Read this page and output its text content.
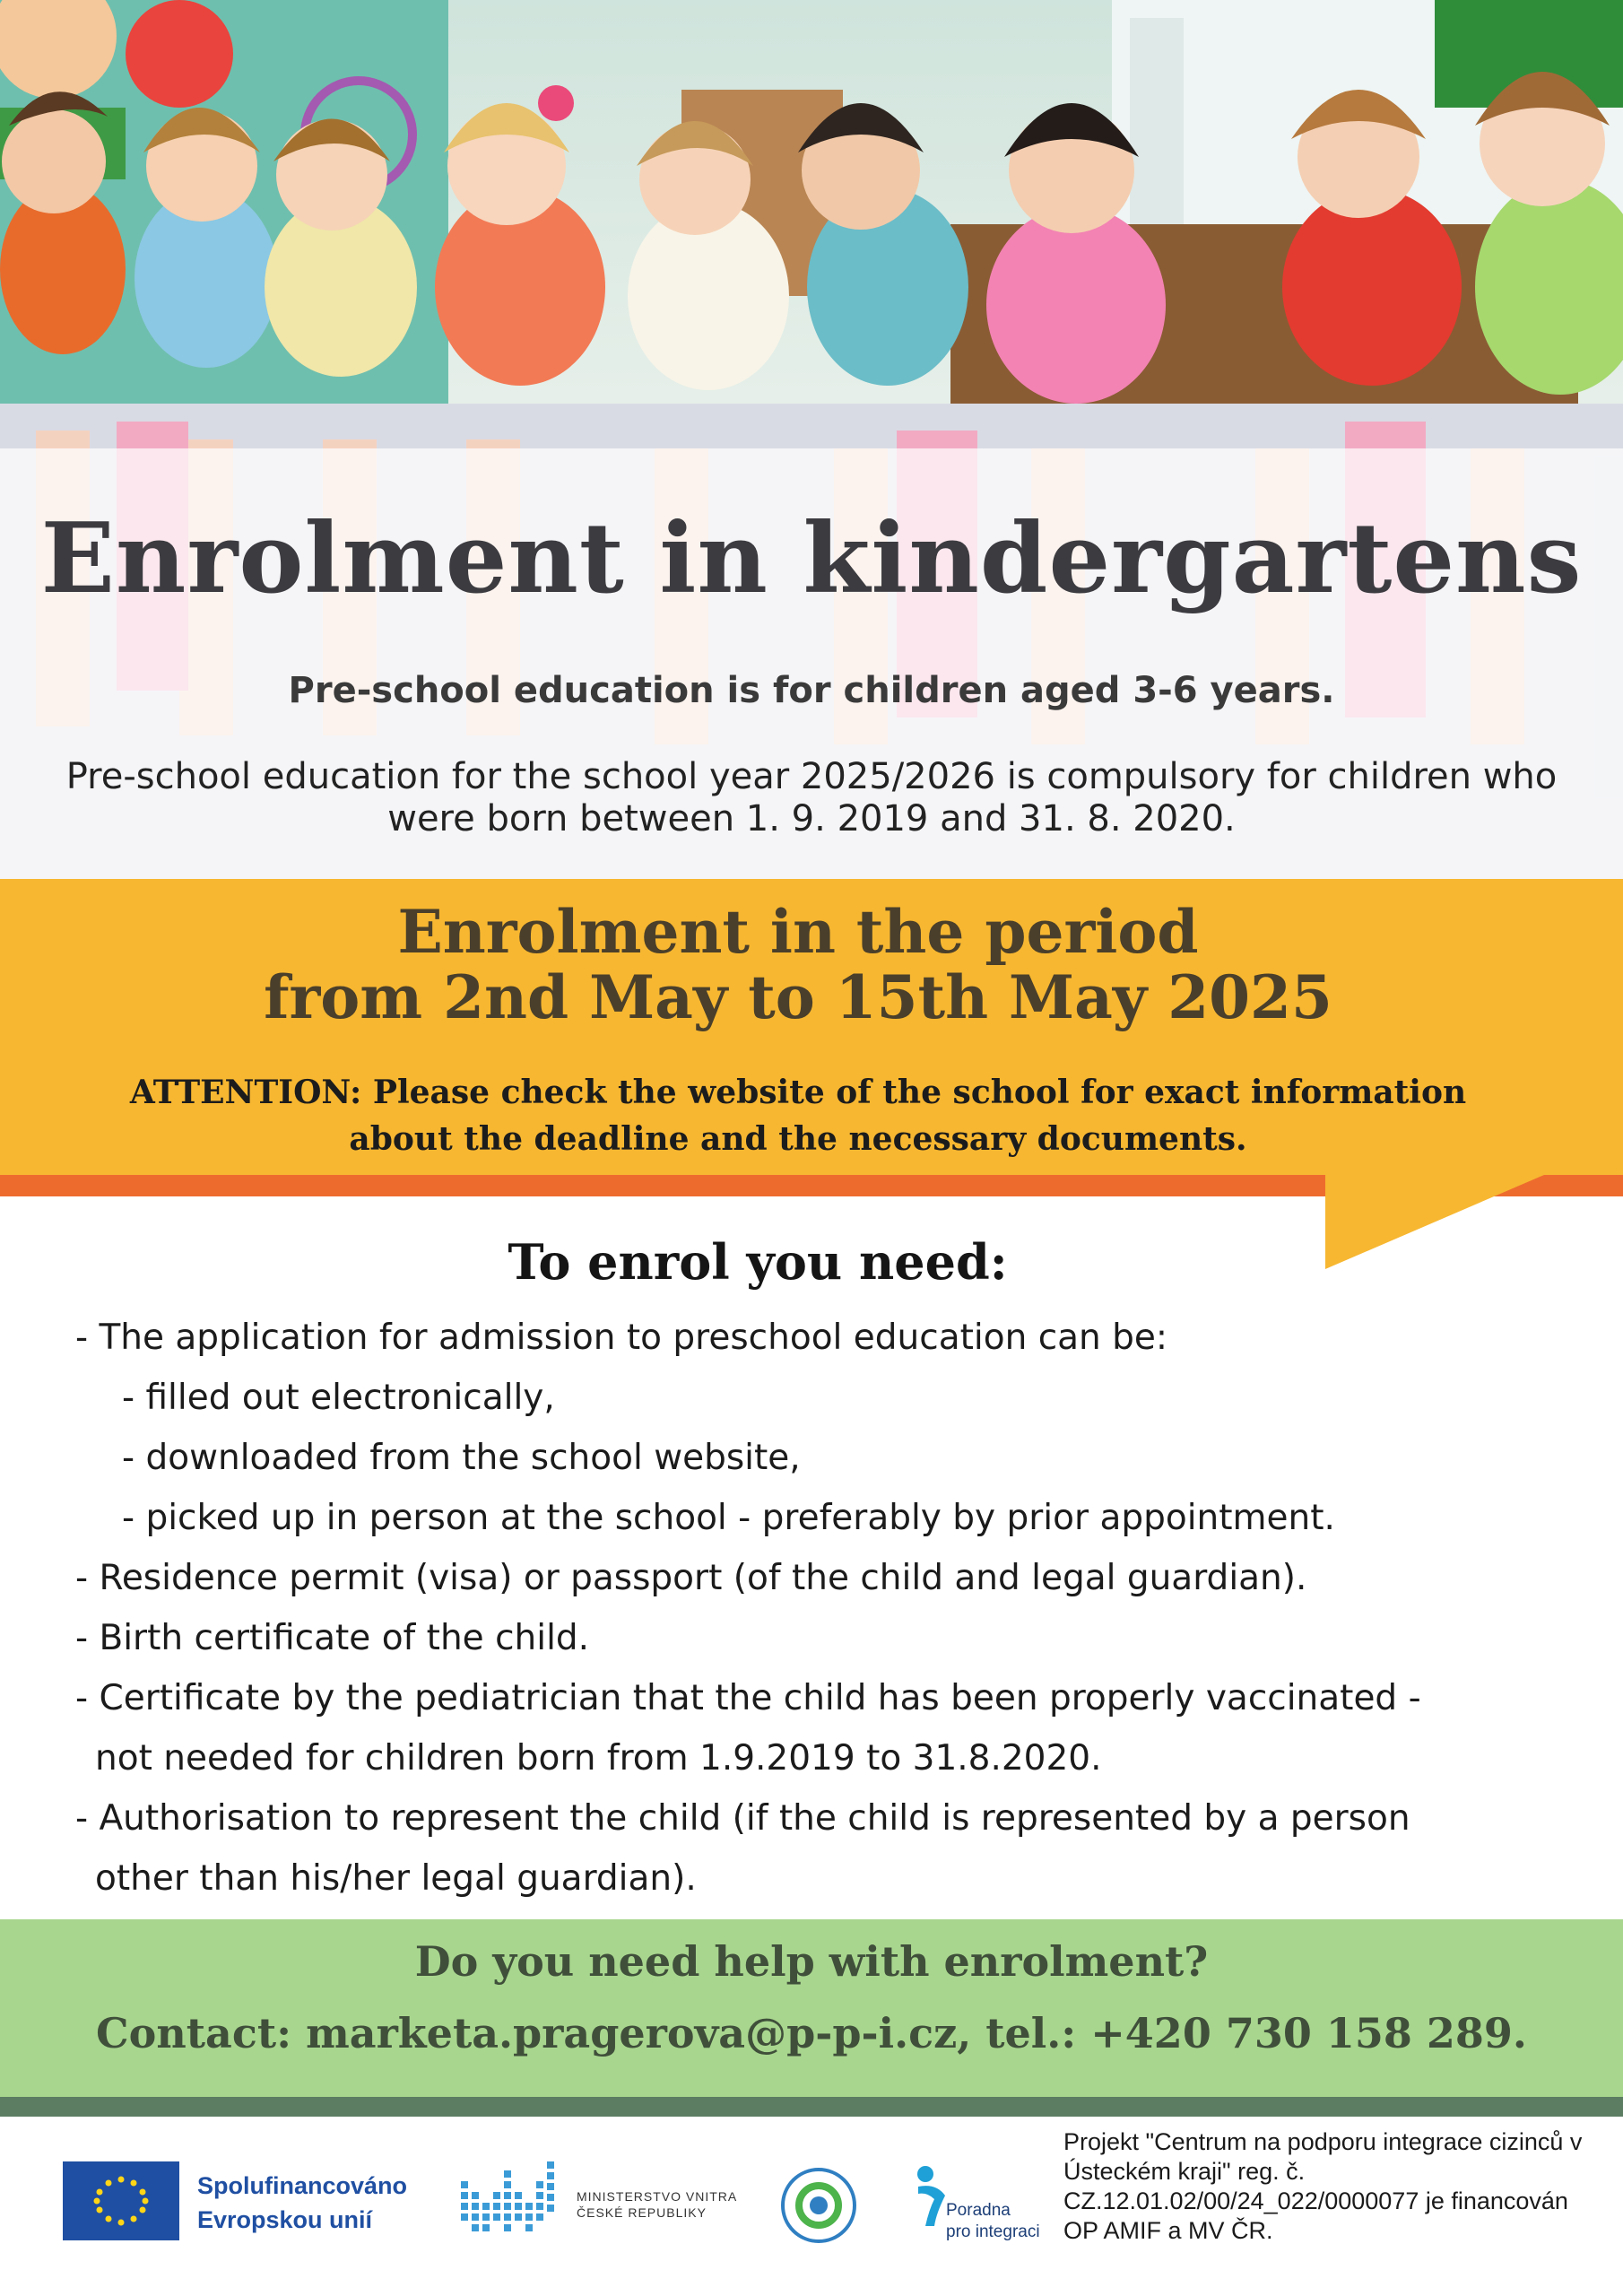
Enrolment in kindergartens
Pre-school education is for children aged 3-6 years.
Pre-school education for the school year 2025/2026 is compulsory for children who were born between 1. 9. 2019 and 31. 8. 2020.
Enrolment in the period
from 2nd May to 15th May 2025
ATTENTION: Please check the website of the school for exact information
about the deadline and the necessary documents.
To enrol you need:
- The application for admission to preschool education can be:
- filled out electronically,
- downloaded from the school website,
- picked up in person at the school - preferably by prior appointment.
- Residence permit (visa) or passport (of the child and legal guardian).
- Birth certificate of the child.
- Certificate by the pediatrician that the child has been properly vaccinated -
not needed for children born from 1.9.2019 to 31.8.2020.
- Authorisation to represent the child (if the child is represented by a person
other than his/her legal guardian).
Do you need help with enrolment?
Contact: marketa.pragerova@p-p-i.cz, tel.: +420 730 158 289.
Spolufinancováno
Evropskou unií
MINISTERSTVO VNITRA
ČESKÉ REPUBLIKY	Poradna
pro integraci
Projekt "Centrum na podporu integrace cizinců v Ústeckém kraji" reg. č. CZ.12.01.02/00/24_022/0000077 je financován OP AMIF a MV ČR.
